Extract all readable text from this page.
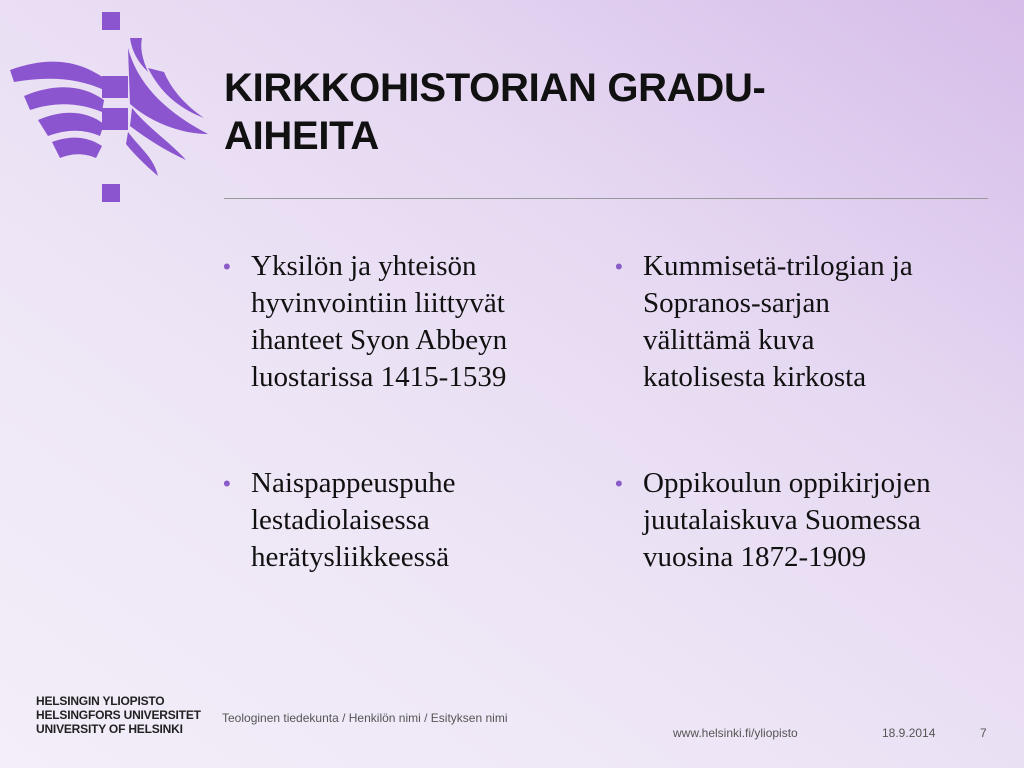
KIRKKOHISTORIAN GRADU-
AIHEITA
• Yksilön ja yhteisön
hyvinvointiin liittyvät
ihanteet Syon Abbeyn
luostarissa 1415-1539
• Naispappeuspuhe
lestadiolaisessa
herätysliikkeessä
• Kummisetä-trilogian ja
Sopranos-sarjan
välittämä kuva
katolisesta kirkosta
• Oppikoulun oppikirjojen
juutalaiskuva Suomessa
vuosina 1872-1909
HELSINGIN YLIOPISTO
HELSINGFORS UNIVERSITET
UNIVERSITY OF HELSINKI
Teologinen tiedekunta / Henkilön nimi / Esityksen nimi
www.helsinki.fi/yliopisto	18.9.2014	7
